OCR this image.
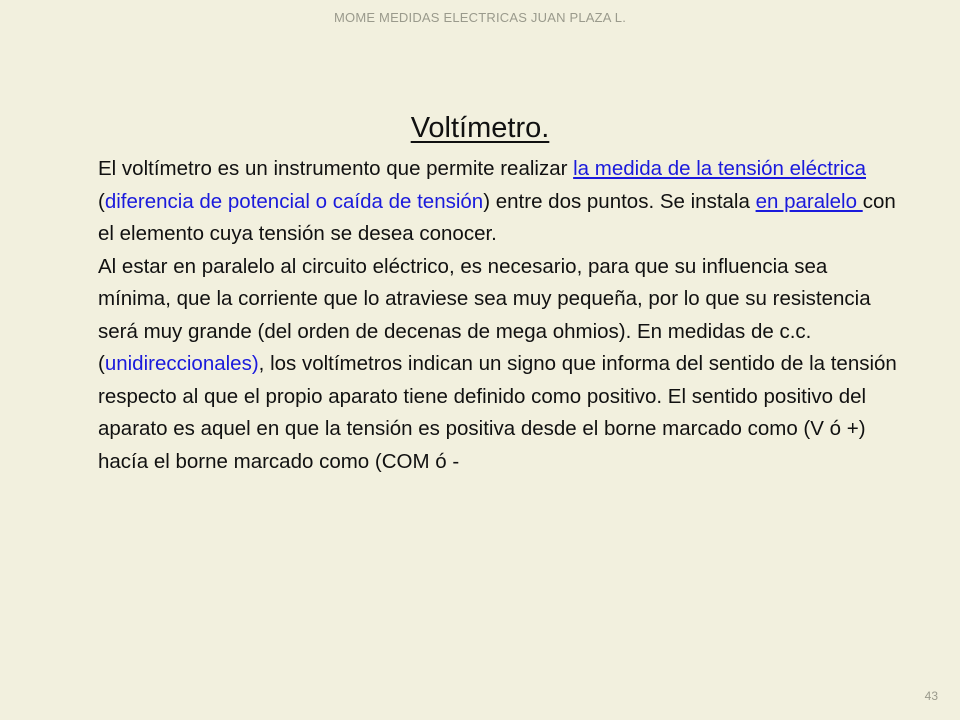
MOME MEDIDAS ELECTRICAS JUAN PLAZA L.
Voltímetro.

El voltímetro es un instrumento que permite realizar la medida de la tensión eléctrica (diferencia de potencial o caída de tensión) entre dos puntos. Se instala en paralelo con el elemento cuya tensión se desea conocer.

Al estar en paralelo al circuito eléctrico, es necesario, para que su influencia sea mínima, que la corriente que lo atraviese sea muy pequeña, por lo que su resistencia será muy grande (del orden de decenas de mega ohmios). En medidas de c.c. (unidireccionales), los voltímetros indican un signo que informa del sentido de la tensión respecto al que el propio aparato tiene definido como positivo. El sentido positivo del aparato es aquel en que la tensión es positiva desde el borne marcado como (V ó +) hacía el borne marcado como (COM ó -

43
